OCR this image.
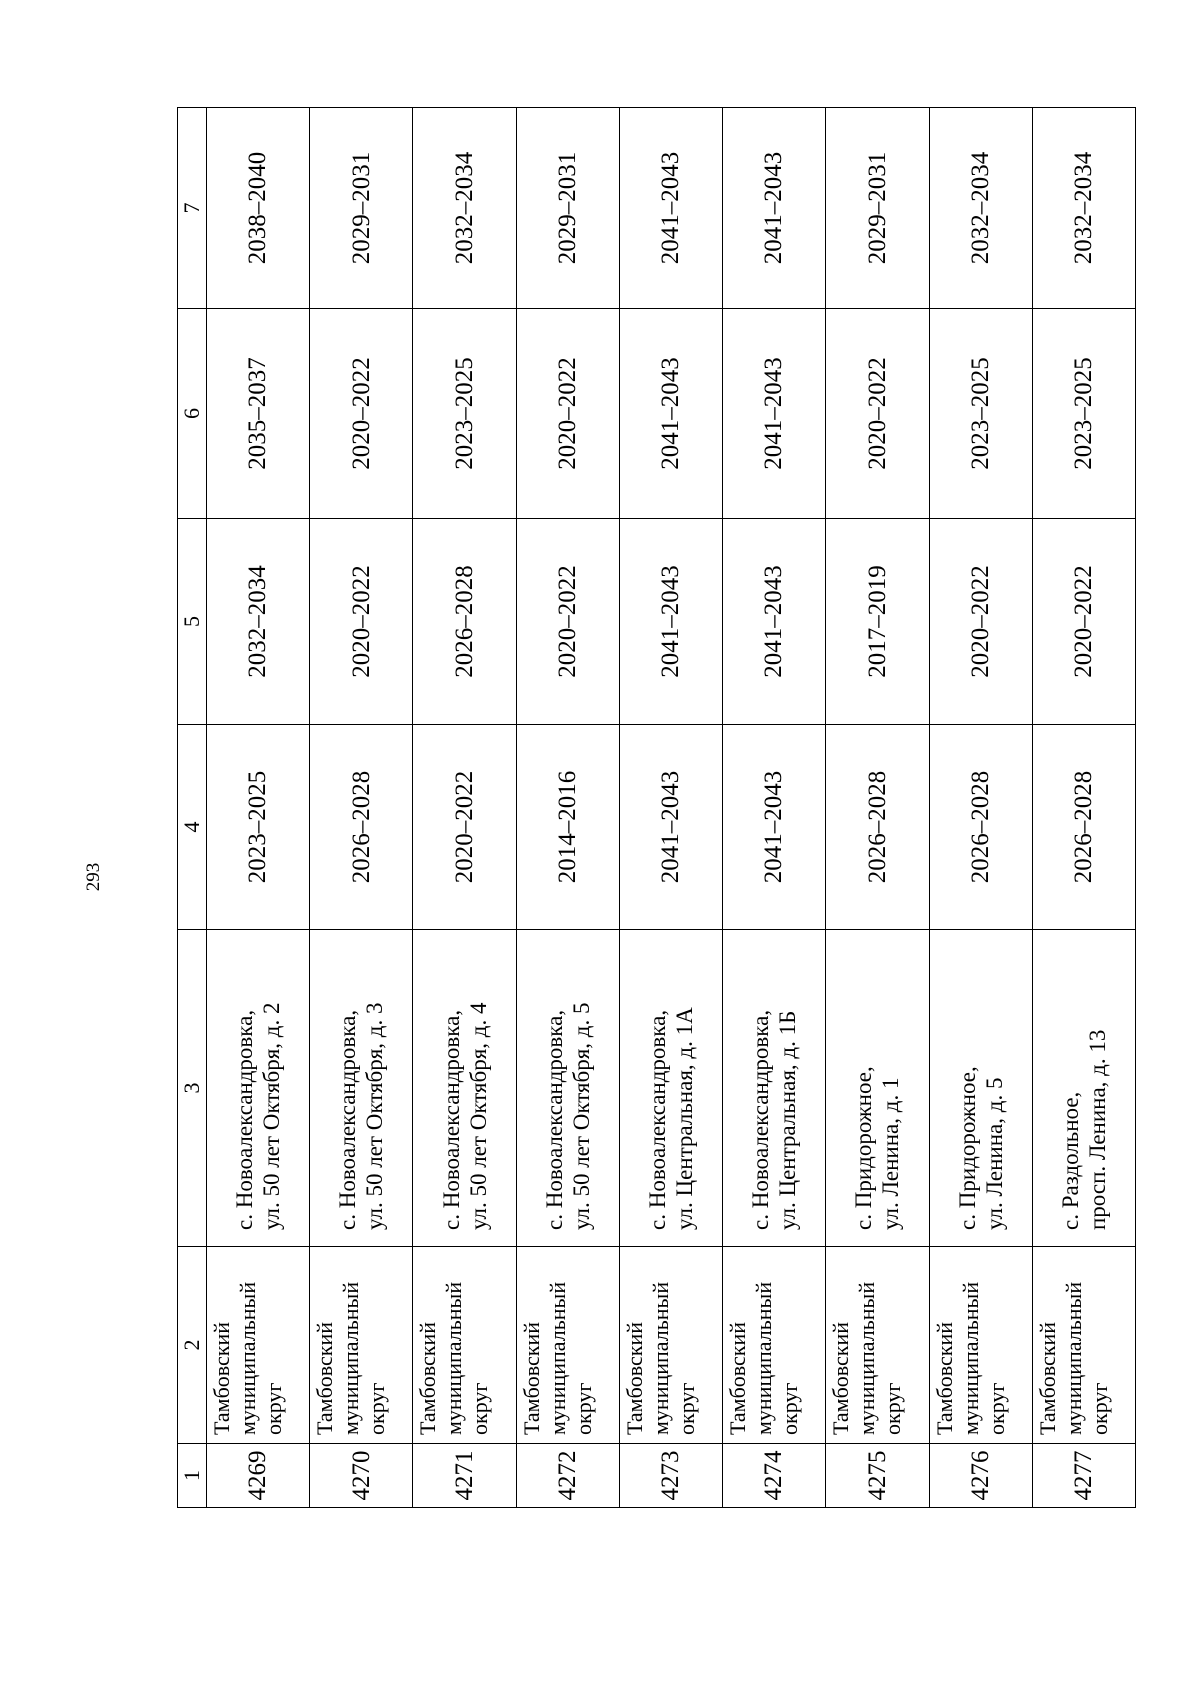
293
1	2	3	4	5	6	7
4269	Тамбовский муниципальный округ	с. Новоалександровка, ул. 50 лет Октября, д. 2	2023–2025	2032–2034	2035–2037	2038–2040
4270	Тамбовский муниципальный округ	с. Новоалександровка, ул. 50 лет Октября, д. 3	2026–2028	2020–2022	2020–2022	2029–2031
4271	Тамбовский муниципальный округ	с. Новоалександровка, ул. 50 лет Октября, д. 4	2020–2022	2026–2028	2023–2025	2032–2034
4272	Тамбовский муниципальный округ	с. Новоалександровка, ул. 50 лет Октября, д. 5	2014–2016	2020–2022	2020–2022	2029–2031
4273	Тамбовский муниципальный округ	с. Новоалександровка, ул. Центральная, д. 1А	2041–2043	2041–2043	2041–2043	2041–2043
4274	Тамбовский муниципальный округ	с. Новоалександровка, ул. Центральная, д. 1Б	2041–2043	2041–2043	2041–2043	2041–2043
4275	Тамбовский муниципальный округ	с. Придорожное, ул. Ленина, д. 1	2026–2028	2017–2019	2020–2022	2029–2031
4276	Тамбовский муниципальный округ	с. Придорожное, ул. Ленина, д. 5	2026–2028	2020–2022	2023–2025	2032–2034
4277	Тамбовский муниципальный округ	с. Раздольное, просп. Ленина, д. 13	2026–2028	2020–2022	2023–2025	2032–2034
